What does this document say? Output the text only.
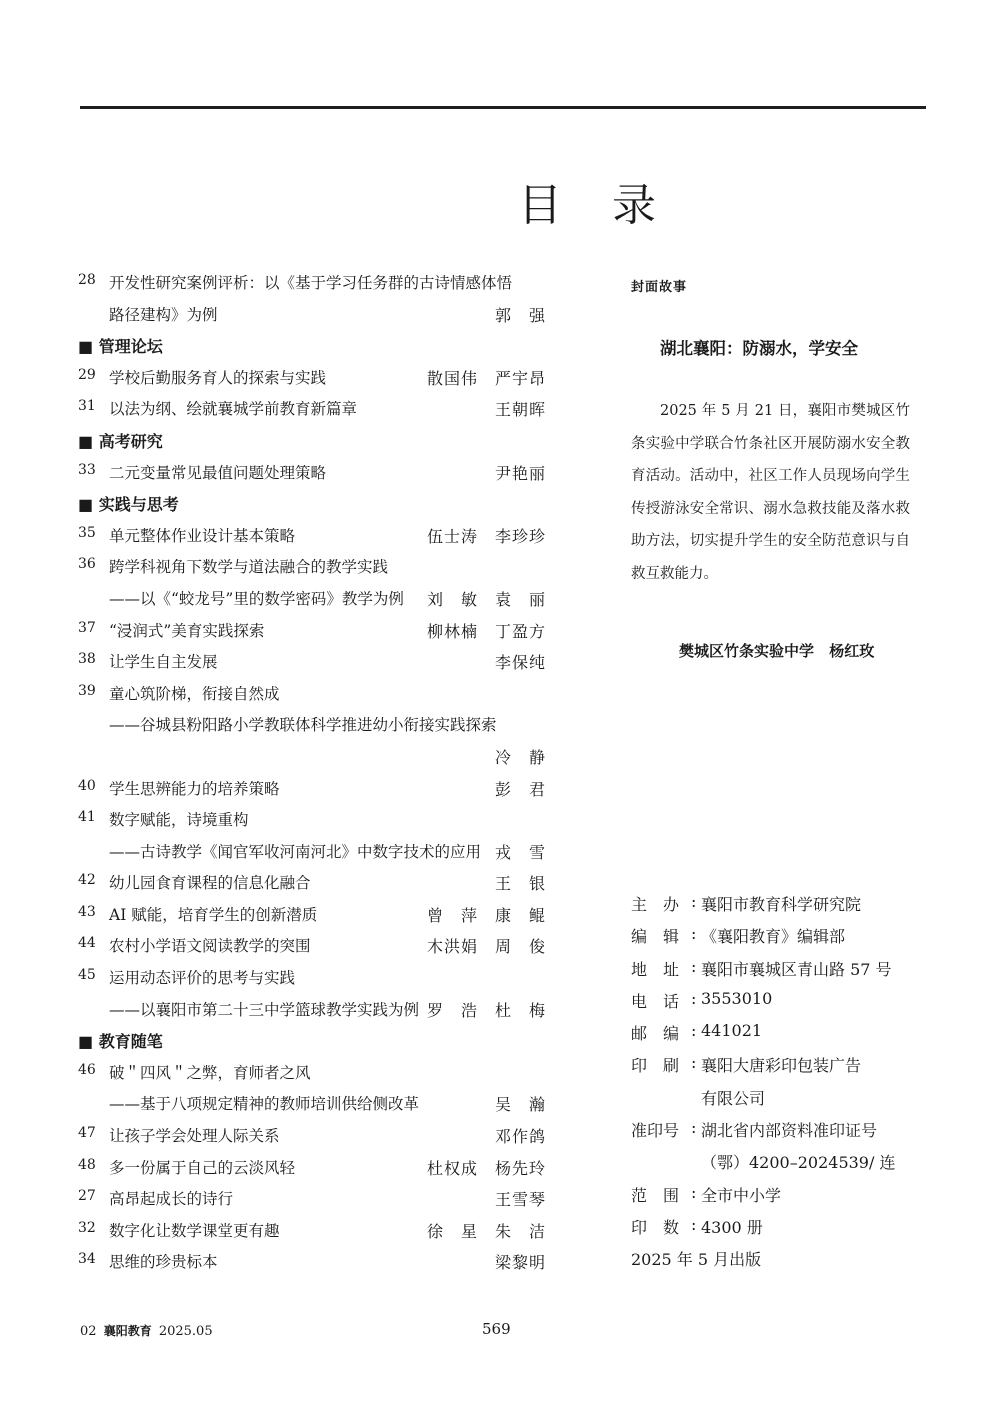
目 录
28 开发性研究案例评析：以《基于学习任务群的古诗情感体悟
路径建构》为例	郭　强
■ 管理论坛
29 学校后勤服务育人的探索与实践	散国伟 严宇昂
31 以法为纲、绘就襄城学前教育新篇章	王朝晖
■ 高考研究
33 二元变量常见最值问题处理策略	尹艳丽
■ 实践与思考
35 单元整体作业设计基本策略	伍士涛 李珍珍
36 跨学科视角下数学与道法融合的教学实践
——以《“蛟龙号”里的数学密码》教学为例 刘　敏 袁　丽
37 “浸润式”美育实践探索	柳林楠 丁盈方
38 让学生自主发展	李保纯
39 童心筑阶梯，衔接自然成
——谷城县粉阳路小学教联体科学推进幼小衔接实践探索
冷　静
40 学生思辨能力的培养策略	彭　君
41 数字赋能，诗境重构
——古诗教学《闻官军收河南河北》中数字技术的应用 戎　雪
42 幼儿园食育课程的信息化融合	王　银
43 AI 赋能，培育学生的创新潜质	曾　萍 康　鲲
44 农村小学语文阅读教学的突围	木洪娟 周　俊
45 运用动态评价的思考与实践
——以襄阳市第二十三中学篮球教学实践为例 罗　浩 杜　梅
■ 教育随笔
46 破＂四风＂之弊，育师者之风
——基于八项规定精神的教师培训供给侧改革	吴　瀚
47 让孩子学会处理人际关系	邓作鸽
48 多一份属于自己的云淡风轻	杜权成 杨先玲
27 高昂起成长的诗行	王雪琴
32 数字化让数学课堂更有趣	徐　星 朱　洁
34 思维的珍贵标本	梁黎明
封面故事
湖北襄阳：防溺水，学安全

2025 年 5 月 21 日，襄阳市樊城区竹条实验中学联合竹条社区开展防溺水安全教育活动。活动中，社区工作人员现场向学生传授游泳安全常识、溺水急救技能及落水救助方法，切实提升学生的安全防范意识与自救互救能力。

樊城区竹条实验中学 杨红玫
主　办 : 襄阳市教育科学研究院
编　辑 : 《襄阳教育》编辑部
地　址 : 襄阳市襄城区青山路 57 号
电　话 : 3553010
邮　编 : 441021
印　刷 : 襄阳大唐彩印包装广告
有限公司
准印号 : 湖北省内部资料准印证号
（鄂）4200–2024539/ 连
范　围 : 全市中小学
印　数 : 4300 册
2025 年 5 月出版
02 襄阳教育 2025.05	569
